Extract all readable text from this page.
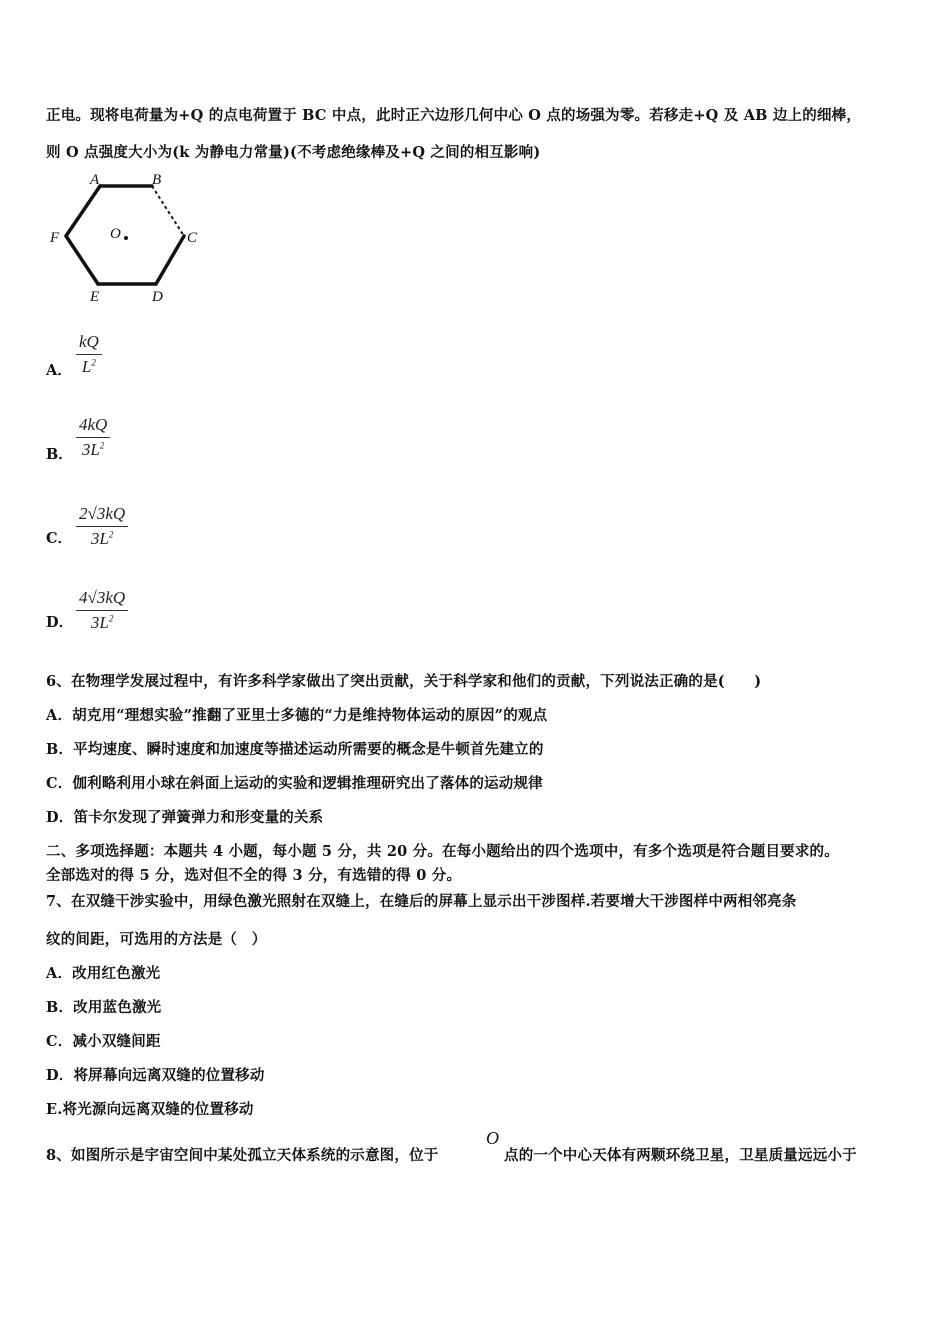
正电。现将电荷量为+Q 的点电荷置于 BC 中点，此时正六边形几何中心 O 点的场强为零。若移走+Q 及 AB 边上的细棒，
则 O 点强度大小为(k 为静电力常量)(不考虑绝缘棒及+Q 之间的相互影响)
A	B
C
D
E
F	O
A．
kQ
$L^2$
B．
4kQ
$3L^2$
C．
2√3kQ
$3L^2$
D．
4√3kQ
$3L^2$
6、在物理学发展过程中，有许多科学家做出了突出贡献，关于科学家和他们的贡献，下列说法正确的是(　　)
A．胡克用“理想实验”推翻了亚里士多德的“力是维持物体运动的原因”的观点
B．平均速度、瞬时速度和加速度等描述运动所需要的概念是牛顿首先建立的
C．伽利略利用小球在斜面上运动的实验和逻辑推理研究出了落体的运动规律
D．笛卡尔发现了弹簧弹力和形变量的关系
二、多项选择题：本题共 4 小题，每小题 5 分，共 20 分。在每小题给出的四个选项中，有多个选项是符合题目要求的。
全部选对的得 5 分，选对但不全的得 3 分，有选错的得 0 分。
7、在双缝干涉实验中，用绿色激光照射在双缝上，在缝后的屏幕上显示出干涉图样.若要增大干涉图样中两相邻亮条
纹的间距，可选用的方法是（　）
A．改用红色激光
B．改用蓝色激光
C．减小双缝间距
D．将屏幕向远离双缝的位置移动
E.将光源向远离双缝的位置移动
8、如图所示是宇宙空间中某处孤立天体系统的示意图，位于
O
点的一个中心天体有两颗环绕卫星，卫星质量远远小于
